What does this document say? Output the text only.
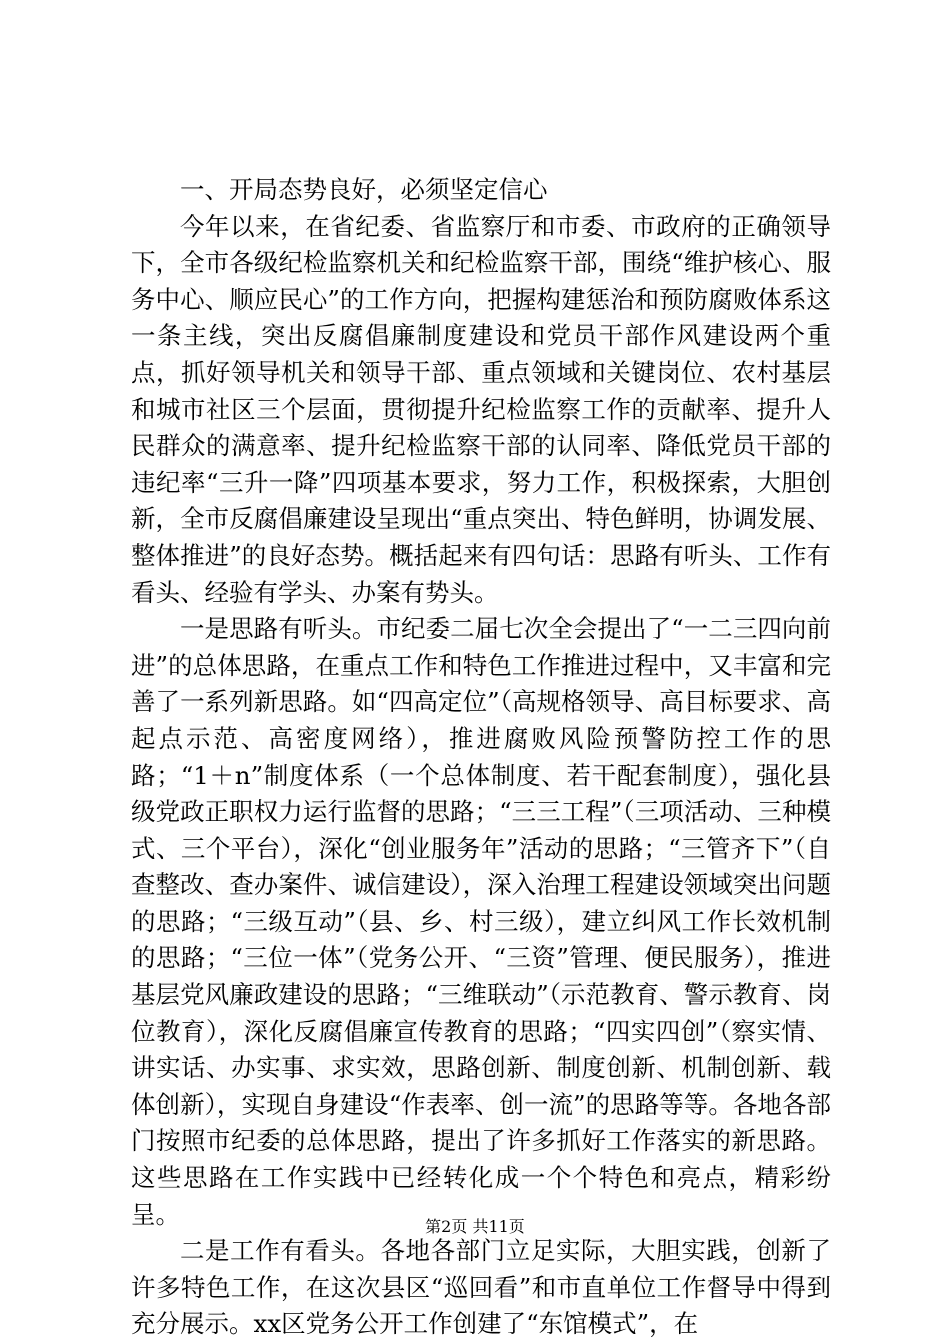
一、开局态势良好，必须坚定信心

今年以来，在省纪委、省监察厅和市委、市政府的正确领导下，全市各级纪检监察机关和纪检监察干部，围绕“维护核心、服务中心、顺应民心”的工作方向，把握构建惩治和预防腐败体系这一条主线，突出反腐倡廉制度建设和党员干部作风建设两个重点，抓好领导机关和领导干部、重点领域和关键岗位、农村基层和城市社区三个层面，贯彻提升纪检监察工作的贡献率、提升人民群众的满意率、提升纪检监察干部的认同率、降低党员干部的违纪率“三升一降”四项基本要求，努力工作，积极探索，大胆创新，全市反腐倡廉建设呈现出“重点突出、特色鲜明，协调发展、整体推进”的良好态势。概括起来有四句话：思路有听头、工作有看头、经验有学头、办案有势头。

一是思路有听头。市纪委二届七次全会提出了“一二三四向前进”的总体思路，在重点工作和特色工作推进过程中，又丰富和完善了一系列新思路。如“四高定位”（高规格领导、高目标要求、高起点示范、高密度网络），推进腐败风险预警防控工作的思路；“1＋n”制度体系（一个总体制度、若干配套制度），强化县级党政正职权力运行监督的思路；“三三工程”（三项活动、三种模式、三个平台），深化“创业服务年”活动的思路；“三管齐下”（自查整改、查办案件、诚信建设），深入治理工程建设领域突出问题的思路；“三级互动”（县、乡、村三级），建立纠风工作长效机制的思路；“三位一体”（党务公开、“三资”管理、便民服务），推进基层党风廉政建设的思路；“三维联动”（示范教育、警示教育、岗位教育），深化反腐倡廉宣传教育的思路；“四实四创”（察实情、讲实话、办实事、求实效，思路创新、制度创新、机制创新、载体创新），实现自身建设“作表率、创一流”的思路等等。各地各部门按照市纪委的总体思路，提出了许多抓好工作落实的新思路。这些思路在工作实践中已经转化成一个个特色和亮点，精彩纷呈。

二是工作有看头。各地各部门立足实际，大胆实践，创新了许多特色工作，在这次县区“巡回看”和市直单位工作督导中得到充分展示。xx区党务公开工作创建了“东馆模式”，在

第2页 共11页
